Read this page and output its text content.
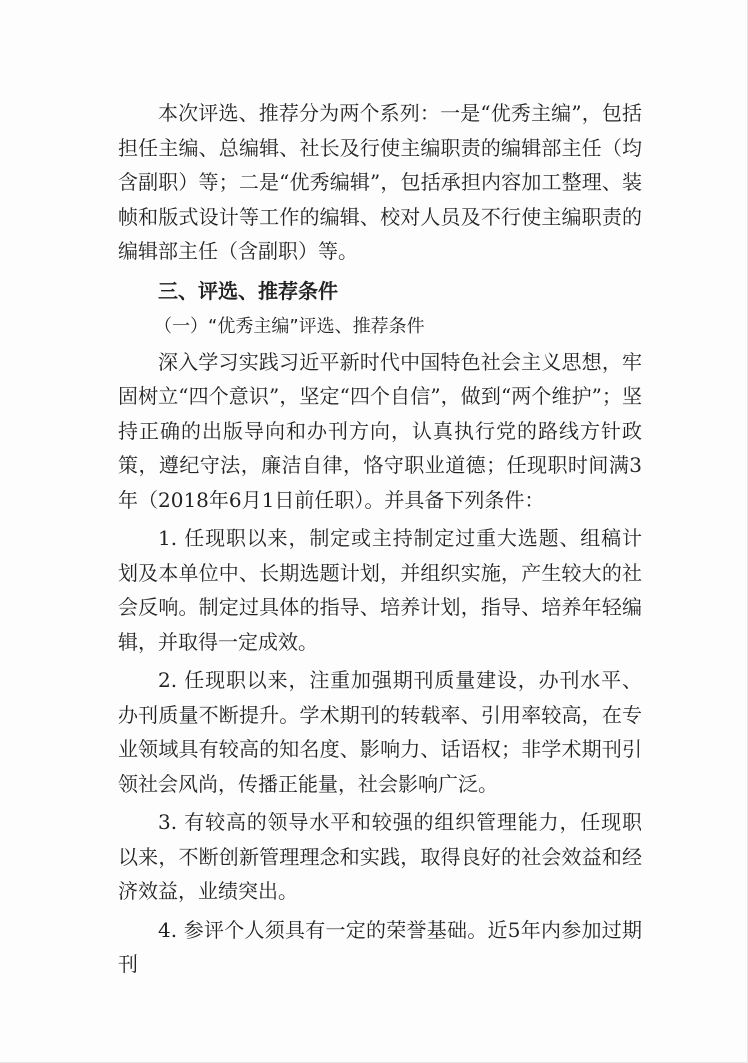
本次评选、推荐分为两个系列：一是“优秀主编”，包括担任主编、总编辑、社长及行使主编职责的编辑部主任（均含副职）等；二是“优秀编辑”，包括承担内容加工整理、装帧和版式设计等工作的编辑、校对人员及不行使主编职责的编辑部主任（含副职）等。

三、评选、推荐条件

（一）“优秀主编”评选、推荐条件

深入学习实践习近平新时代中国特色社会主义思想，牢固树立“四个意识”，坚定“四个自信”，做到“两个维护”；坚持正确的出版导向和办刊方向，认真执行党的路线方针政策，遵纪守法，廉洁自律，恪守职业道德；任现职时间满3年（2018年6月1日前任职）。并具备下列条件：

1. 任现职以来，制定或主持制定过重大选题、组稿计划及本单位中、长期选题计划，并组织实施，产生较大的社会反响。制定过具体的指导、培养计划，指导、培养年轻编辑，并取得一定成效。

2. 任现职以来，注重加强期刊质量建设，办刊水平、办刊质量不断提升。学术期刊的转载率、引用率较高，在专业领域具有较高的知名度、影响力、话语权；非学术期刊引领社会风尚，传播正能量，社会影响广泛。

3. 有较高的领导水平和较强的组织管理能力，任现职以来，不断创新管理理念和实践，取得良好的社会效益和经济效益，业绩突出。

4. 参评个人须具有一定的荣誉基础。近5年内参加过期刊
